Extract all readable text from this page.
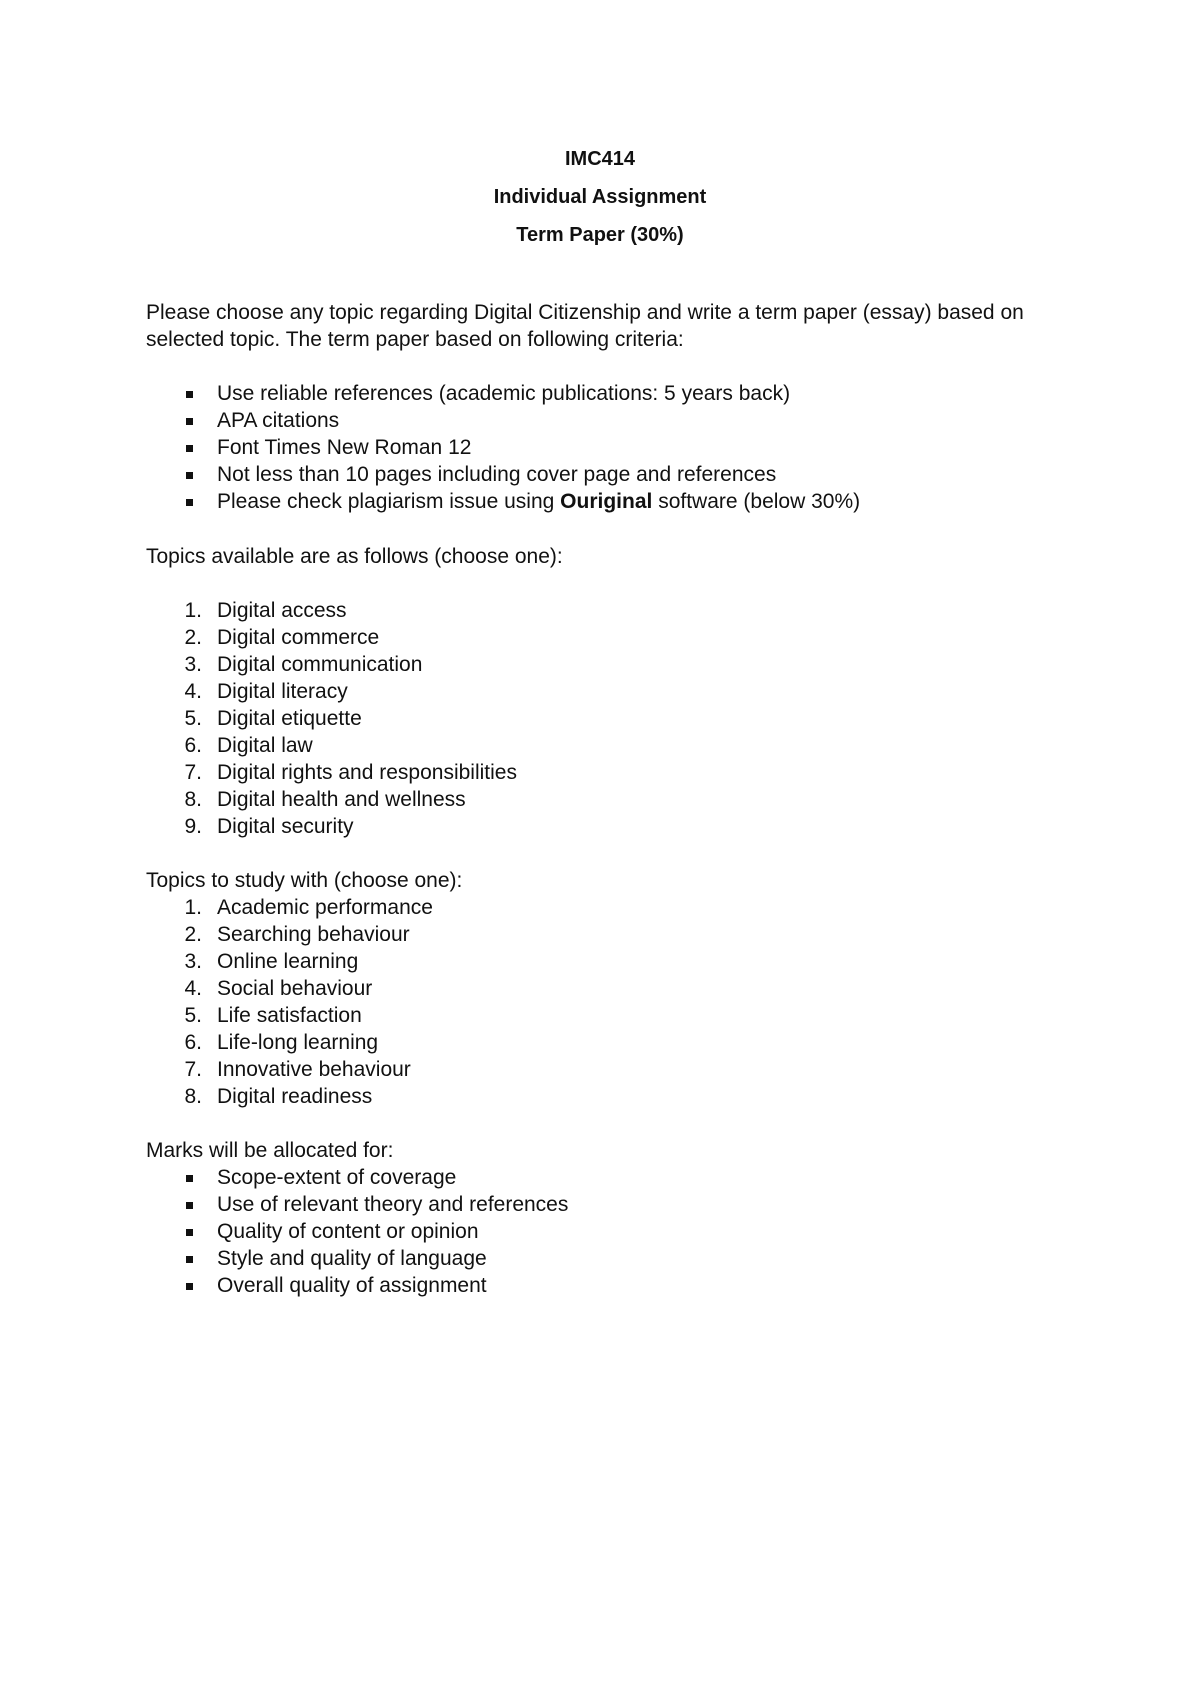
IMC414

Individual Assignment

Term Paper (30%)

Please choose any topic regarding Digital Citizenship and write a term paper (essay) based on selected topic. The term paper based on following criteria:

Use reliable references (academic publications: 5 years back)
APA citations
Font Times New Roman 12
Not less than 10 pages including cover page and references
Please check plagiarism issue using Ouriginal software (below 30%)

Topics available are as follows (choose one):

1. Digital access
2. Digital commerce
3. Digital communication
4. Digital literacy
5. Digital etiquette
6. Digital law
7. Digital rights and responsibilities
8. Digital health and wellness
9. Digital security

Topics to study with (choose one):

1. Academic performance
2. Searching behaviour
3. Online learning
4. Social behaviour
5. Life satisfaction
6. Life-long learning
7. Innovative behaviour
8. Digital readiness

Marks will be allocated for:

Scope-extent of coverage
Use of relevant theory and references
Quality of content or opinion
Style and quality of language
Overall quality of assignment
